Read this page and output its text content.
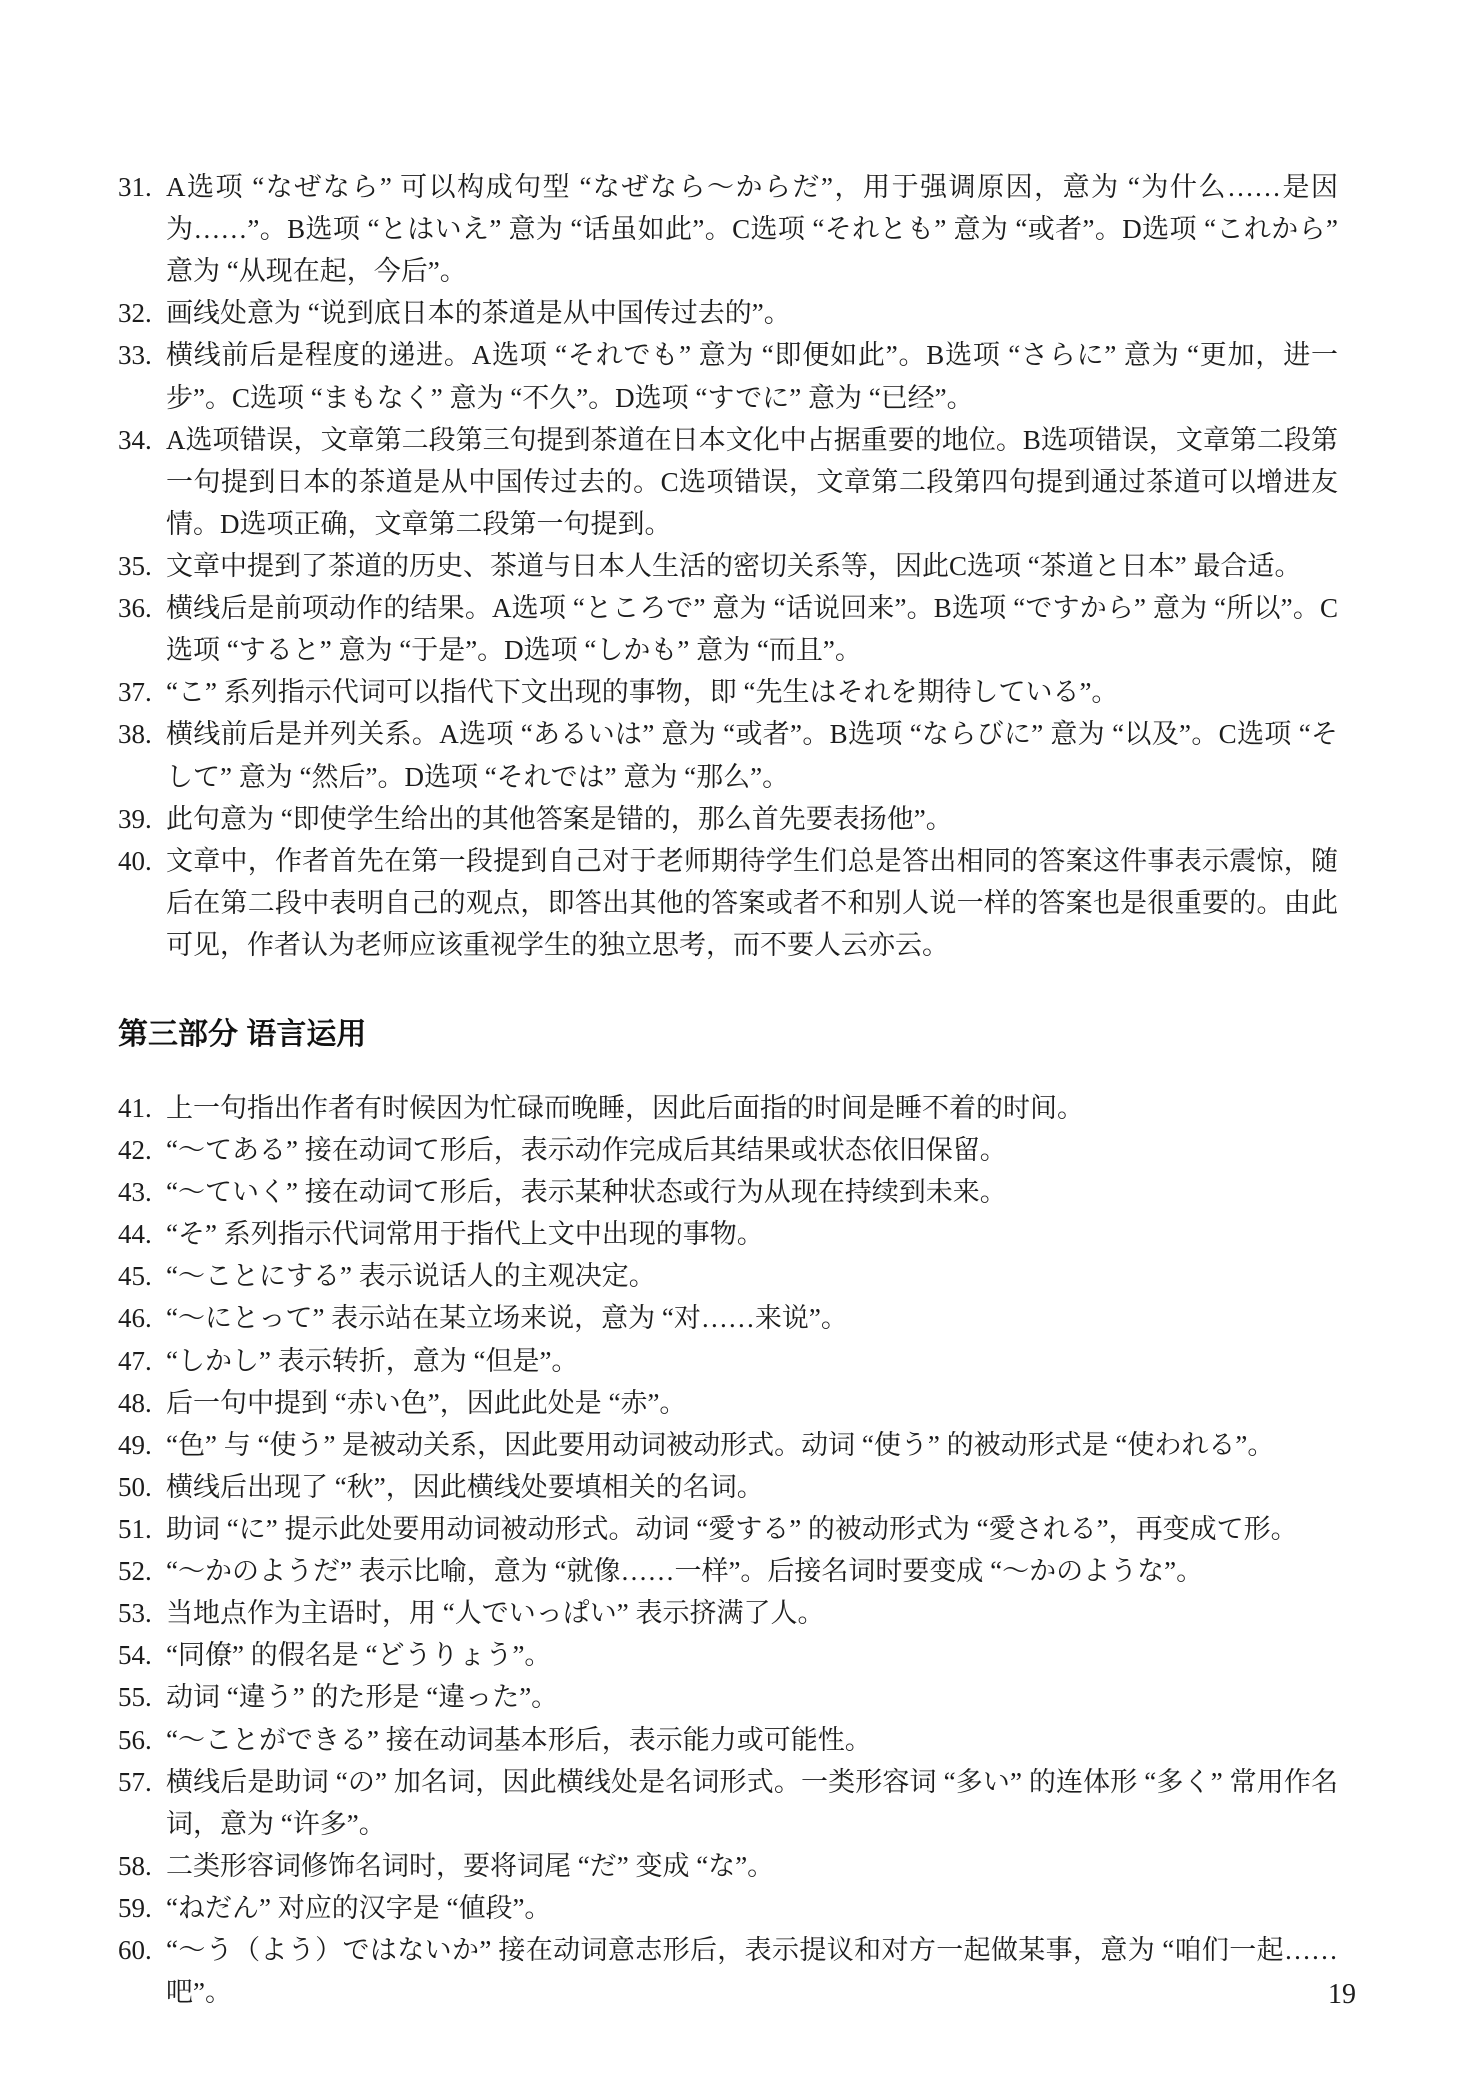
31. A选项 “なぜなら” 可以构成句型 “なぜなら～からだ”，用于强调原因，意为 “为什么……是因为……”。B选项 “とはいえ” 意为 “话虽如此”。C选项 “それとも” 意为 “或者”。D选项 “これから” 意为 “从现在起，今后”。
32. 画线处意为 “说到底日本的茶道是从中国传过去的”。
33. 横线前后是程度的递进。A选项 “それでも” 意为 “即便如此”。B选项 “さらに” 意为 “更加，进一步”。C选项 “まもなく” 意为 “不久”。D选项 “すでに” 意为 “已经”。
34. A选项错误，文章第二段第三句提到茶道在日本文化中占据重要的地位。B选项错误，文章第二段第一句提到日本的茶道是从中国传过去的。C选项错误，文章第二段第四句提到通过茶道可以增进友情。D选项正确，文章第二段第一句提到。
35. 文章中提到了茶道的历史、茶道与日本人生活的密切关系等，因此C选项 “茶道と日本” 最合适。
36. 横线后是前项动作的结果。A选项 “ところで” 意为 “话说回来”。B选项 “ですから” 意为 “所以”。C选项 “すると” 意为 “于是”。D选项 “しかも” 意为 “而且”。
37. “こ” 系列指示代词可以指代下文出现的事物，即 “先生はそれを期待している”。
38. 横线前后是并列关系。A选项 “あるいは” 意为 “或者”。B选项 “ならびに” 意为 “以及”。C选项 “そして” 意为 “然后”。D选项 “それでは” 意为 “那么”。
39. 此句意为 “即使学生给出的其他答案是错的，那么首先要表扬他”。
40. 文章中，作者首先在第一段提到自己对于老师期待学生们总是答出相同的答案这件事表示震惊，随后在第二段中表明自己的观点，即答出其他的答案或者不和别人说一样的答案也是很重要的。由此可见，作者认为老师应该重视学生的独立思考，而不要人云亦云。
第三部分 语言运用
41. 上一句指出作者有时候因为忙碌而晚睡，因此后面指的时间是睡不着的时间。
42. “～てある” 接在动词て形后，表示动作完成后其结果或状态依旧保留。
43. “～ていく” 接在动词て形后，表示某种状态或行为从现在持续到未来。
44. “そ” 系列指示代词常用于指代上文中出现的事物。
45. “～ことにする” 表示说话人的主观决定。
46. “～にとって” 表示站在某立场来说，意为 “对……来说”。
47. “しかし” 表示转折，意为 “但是”。
48. 后一句中提到 “赤い色”，因此此处是 “赤”。
49. “色” 与 “使う” 是被动关系，因此要用动词被动形式。动词 “使う” 的被动形式是 “使われる”。
50. 横线后出现了 “秋”，因此横线处要填相关的名词。
51. 助词 “に” 提示此处要用动词被动形式。动词 “愛する” 的被动形式为 “愛される”，再变成て形。
52. “～かのようだ” 表示比喻，意为 “就像……一样”。后接名词时要变成 “～かのような”。
53. 当地点作为主语时，用 “人でいっぱい” 表示挤满了人。
54. “同僚” 的假名是 “どうりょう”。
55. 动词 “違う” 的た形是 “違った”。
56. “～ことができる” 接在动词基本形后，表示能力或可能性。
57. 横线后是助词 “の” 加名词，因此横线处是名词形式。一类形容词 “多い” 的连体形 “多く” 常用作名词，意为 “许多”。
58. 二类形容词修饰名词时，要将词尾 “だ” 变成 “な”。
59. “ねだん” 对应的汉字是 “値段”。
60. “～う（よう）ではないか” 接在动词意志形后，表示提议和对方一起做某事，意为 “咱们一起……吧”。	19
